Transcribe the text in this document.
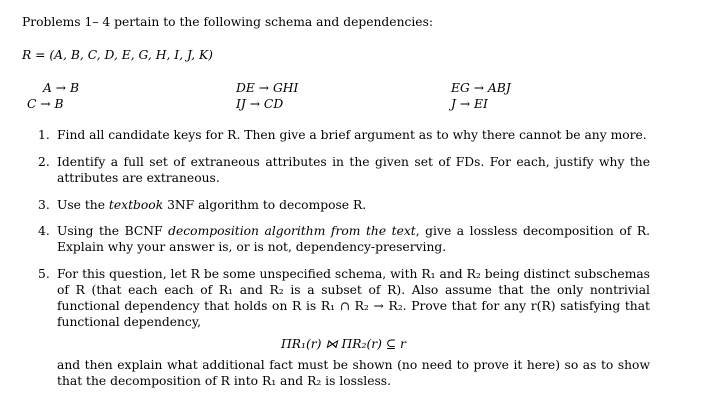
Problems 1– 4 pertain to the following schema and dependencies:
R = (A, B, C, D, E, G, H, I, J, K)
A → B
C → B
DE → GHI
IJ → CD
EG → ABJ
J → EI
1. Find all candidate keys for R. Then give a brief argument as to why there cannot be any more.
2. Identify a full set of extraneous attributes in the given set of FDs. For each, justify why the attributes are extraneous.
3. Use the textbook 3NF algorithm to decompose R.
4. Using the BCNF decomposition algorithm from the text, give a lossless decomposition of R. Explain why your answer is, or is not, dependency-preserving.
5. For this question, let R be some unspecified schema, with R₁ and R₂ being distinct subschemas of R (that each each of R₁ and R₂ is a subset of R). Also assume that the only nontrivial functional dependency that holds on R is R₁ ∩ R₂ → R₂. Prove that for any r(R) satisfying that functional dependency,
ΠR₁(r) ⋈ ΠR₂(r) ⊆ r
and then explain what additional fact must be shown (no need to prove it here) so as to show that the decomposition of R into R₁ and R₂ is lossless.
